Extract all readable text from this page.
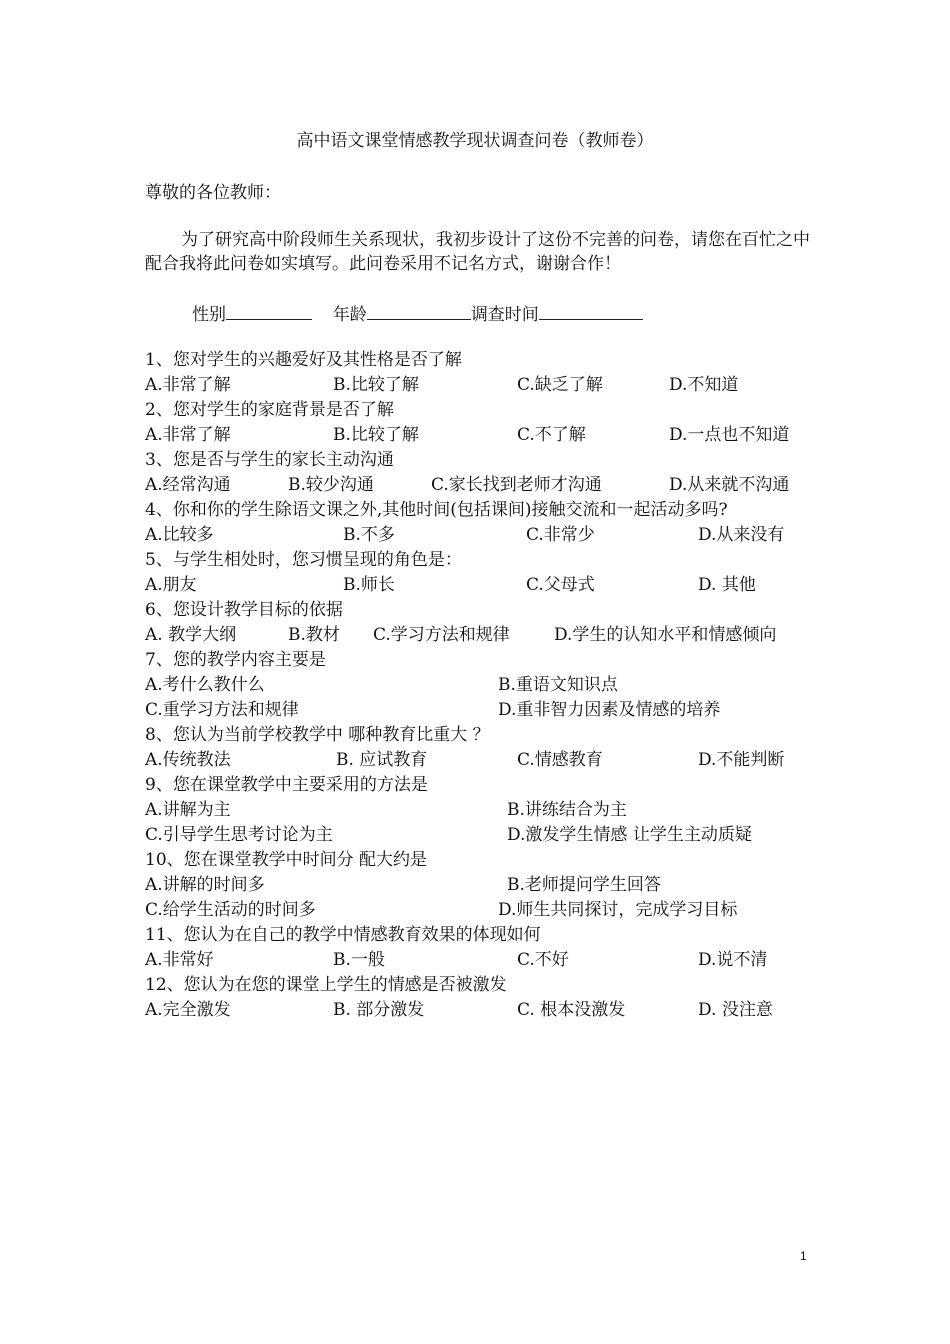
高中语文课堂情感教学现状调查问卷（教师卷）
尊敬的各位教师：
为了研究高中阶段师生关系现状，我初步设计了这份不完善的问卷，请您在百忙之中配合我将此问卷如实填写。此问卷采用不记名方式，谢谢合作！
性别	年龄	调查时间
1、您对学生的兴趣爱好及其性格是否了解
A.非常了解	B.比较了解	C.缺乏了解	D.不知道
2、您对学生的家庭背景是否了解
A.非常了解	B.比较了解	C.不了解	D.一点也不知道
3、您是否与学生的家长主动沟通
A.经常沟通	B.较少沟通	C.家长找到老师才沟通	D.从来就不沟通
4、你和你的学生除语文课之外,其他时间(包括课间)接触交流和一起活动多吗?
A.比较多	B.不多	C.非常少	D.从来没有
5、与学生相处时，您习惯呈现的角色是：
A.朋友	B.师长	C.父母式	D. 其他
6、您设计教学目标的依据
A. 教学大纲	B.教材 C.学习方法和规律	D.学生的认知水平和情感倾向
7、您的教学内容主要是
A.考什么教什么	B.重语文知识点
C.重学习方法和规律	D.重非智力因素及情感的培养
8、您认为当前学校教学中 哪种教育比重大 ？
A.传统教法	B. 应试教育	C.情感教育	D.不能判断
9、您在课堂教学中主要采用的方法是
A.讲解为主	B.讲练结合为主
C.引导学生思考讨论为主	D.激发学生情感 让学生主动质疑
10、您在课堂教学中时间分 配大约是
A.讲解的时间多	B.老师提问学生回答
C.给学生活动的时间多	D.师生共同探讨，完成学习目标
11、您认为在自己的教学中情感教育效果的体现如何
A.非常好	B.一般	C.不好	D.说不清
12、您认为在您的课堂上学生的情感是否被激发
A.完全激发	B. 部分激发	C. 根本没激发	D. 没注意
1
